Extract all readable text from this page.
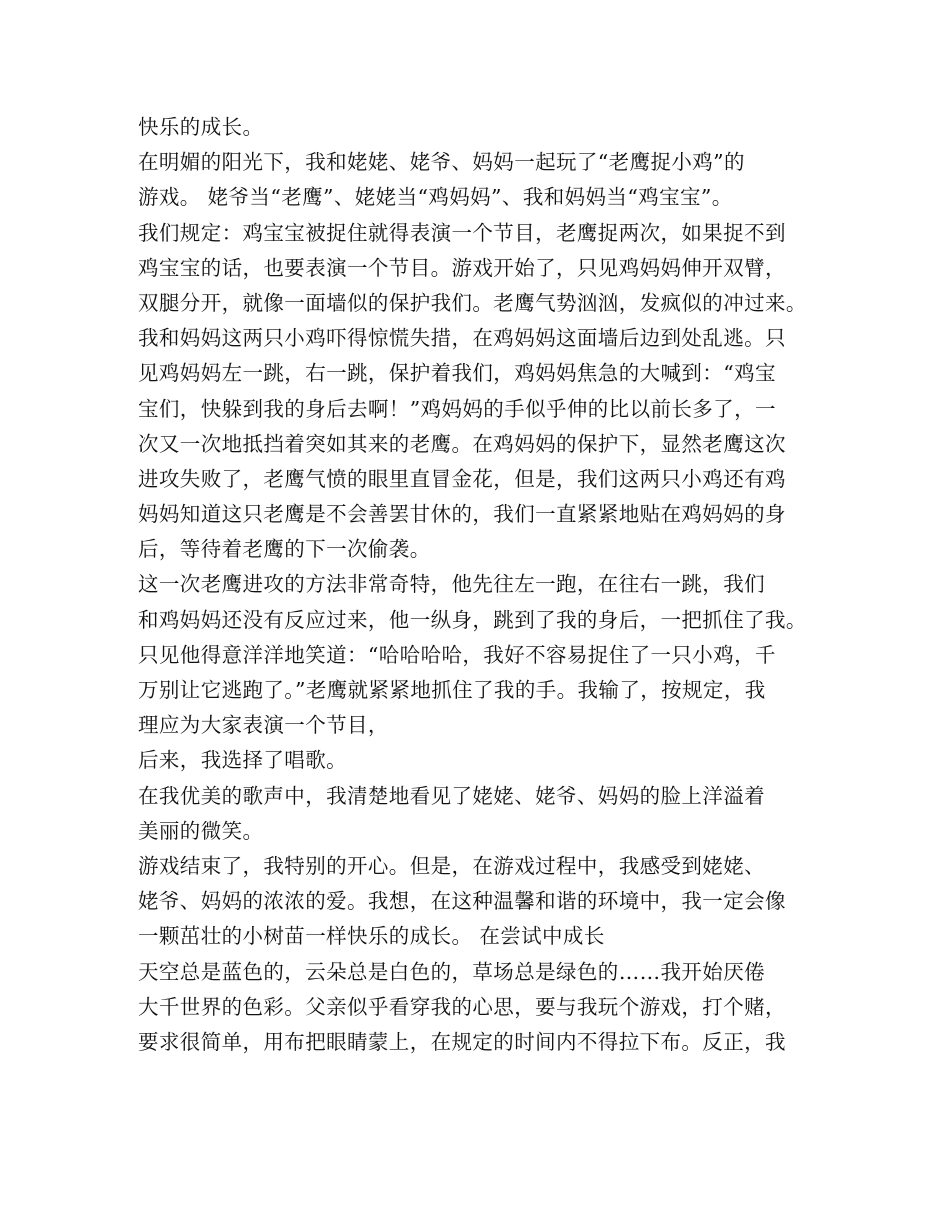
快乐的成长。
在明媚的阳光下，我和姥姥、姥爷、妈妈一起玩了“老鹰捉小鸡”的
游戏。 姥爷当“老鹰”、姥姥当“鸡妈妈”、我和妈妈当“鸡宝宝”。
我们规定：鸡宝宝被捉住就得表演一个节目，老鹰捉两次，如果捉不到
鸡宝宝的话，也要表演一个节目。游戏开始了，只见鸡妈妈伸开双臂，
双腿分开，就像一面墙似的保护我们。老鹰气势汹汹，发疯似的冲过来。
我和妈妈这两只小鸡吓得惊慌失措，在鸡妈妈这面墙后边到处乱逃。只
见鸡妈妈左一跳，右一跳，保护着我们，鸡妈妈焦急的大喊到：“鸡宝
宝们，快躲到我的身后去啊！”鸡妈妈的手似乎伸的比以前长多了，一
次又一次地抵挡着突如其来的老鹰。在鸡妈妈的保护下，显然老鹰这次
进攻失败了，老鹰气愤的眼里直冒金花，但是，我们这两只小鸡还有鸡
妈妈知道这只老鹰是不会善罢甘休的，我们一直紧紧地贴在鸡妈妈的身
后，等待着老鹰的下一次偷袭。
这一次老鹰进攻的方法非常奇特，他先往左一跑，在往右一跳，我们
和鸡妈妈还没有反应过来，他一纵身，跳到了我的身后，一把抓住了我。
只见他得意洋洋地笑道：“哈哈哈哈，我好不容易捉住了一只小鸡，千
万别让它逃跑了。”老鹰就紧紧地抓住了我的手。我输了，按规定，我
理应为大家表演一个节目，
后来，我选择了唱歌。
在我优美的歌声中，我清楚地看见了姥姥、姥爷、妈妈的脸上洋溢着
美丽的微笑。
游戏结束了，我特别的开心。但是，在游戏过程中，我感受到姥姥、
姥爷、妈妈的浓浓的爱。我想，在这种温馨和谐的环境中，我一定会像
一颗茁壮的小树苗一样快乐的成长。 在尝试中成长
天空总是蓝色的，云朵总是白色的，草场总是绿色的……我开始厌倦
大千世界的色彩。父亲似乎看穿我的心思，要与我玩个游戏，打个赌，
要求很简单，用布把眼睛蒙上，在规定的时间内不得拉下布。反正，我
